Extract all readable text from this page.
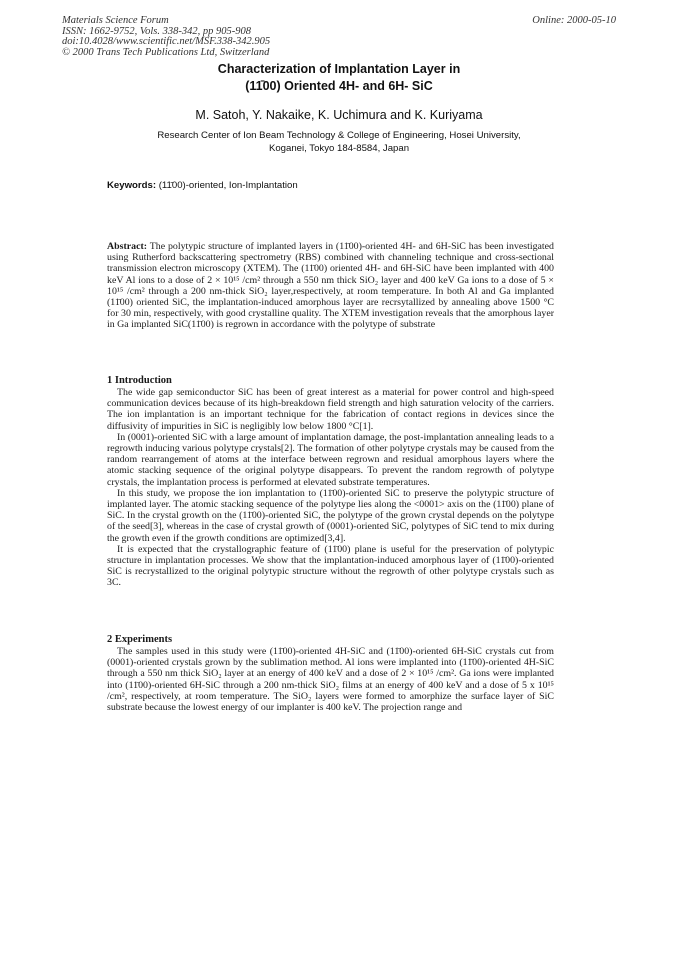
Materials Science Forum
ISSN: 1662-9752, Vols. 338-342, pp 905-908
doi:10.4028/www.scientific.net/MSF.338-342.905
© 2000 Trans Tech Publications Ltd, Switzerland
Online: 2000-05-10
Characterization of Implantation Layer in
(11̄00) Oriented 4H- and 6H- SiC
M. Satoh, Y. Nakaike, K. Uchimura and K. Kuriyama
Research Center of Ion Beam Technology & College of Engineering, Hosei University,
Koganei, Tokyo 184-8584, Japan
Keywords: (11̄00)-oriented, Ion-Implantation

Abstract: The polytypic structure of implanted layers in (11̄00)-oriented 4H- and 6H-SiC has been investigated using Rutherford backscattering spectrometry (RBS) combined with channeling technique and cross-sectional transmission electron microscopy (XTEM). The (11̄00) oriented 4H- and 6H-SiC have been implanted with 400 keV Al ions to a dose of 2 × 10¹⁵ /cm² through a 550 nm thick SiO₂ layer and 400 keV Ga ions to a dose of 5 × 10¹⁵ /cm² through a 200 nm-thick SiO₂ layer,respectively, at room temperature. In both Al and Ga implanted (11̄00) oriented SiC, the implantation-induced amorphous layer are recrsytallized by annealing above 1500 °C for 30 min, respectively, with good crystalline quality. The XTEM investigation reveals that the amorphous layer in Ga implanted SiC(11̄00) is regrown in accordance with the polytype of substrate

1 Introduction

The wide gap semiconductor SiC has been of great interest as a material for power control and high-speed communication devices because of its high-breakdown field strength and high saturation velocity of the carriers. The ion implantation is an important technique for the fabrication of contact regions in devices since the diffusivity of impurities in SiC is negligibly low below 1800 °C[1].

In (0001)-oriented SiC with a large amount of implantation damage, the post-implantation annealing leads to a regrowth inducing various polytype crystals[2]. The formation of other polytype crystals may be caused from the random rearrangement of atoms at the interface between regrown and residual amorphous layers where the atomic stacking sequence of the original polytype disappears. To prevent the random regrowth of polytype crystals, the implantation process is performed at elevated substrate temperatures.

In this study, we propose the ion implantation to (11̄00)-oriented SiC to preserve the polytypic structure of implanted layer. The atomic stacking sequence of the polytype lies along the <0001> axis on the (11̄00) plane of SiC. In the crystal growth on the (11̄00)-oriented SiC, the polytype of the grown crystal depends on the polytype of the seed[3], whereas in the case of crystal growth of (0001)-oriented SiC, polytypes of SiC tend to mix during the growth even if the growth conditions are optimized[3,4].

It is expected that the crystallographic feature of (11̄00) plane is useful for the preservation of polytypic structure in implantation processes. We show that the implantation-induced amorphous layer of (11̄00)-oriented SiC is recrystallized to the original polytypic structure without the regrowth of other polytype crystals such as 3C.

2 Experiments

The samples used in this study were (11̄00)-oriented 4H-SiC and (11̄00)-oriented 6H-SiC crystals cut from (0001)-oriented crystals grown by the sublimation method. Al ions were implanted into (11̄00)-oriented 4H-SiC through a 550 nm thick SiO₂ layer at an energy of 400 keV and a dose of 2 × 10¹⁵ /cm². Ga ions were implanted into (11̄00)-oriented 6H-SiC through a 200 nm-thick SiO₂ films at an energy of 400 keV and a dose of 5 x 10¹⁵ /cm², respectively, at room temperature. The SiO₂ layers were formed to amorphize the surface layer of SiC substrate because the lowest energy of our implanter is 400 keV. The projection range and
